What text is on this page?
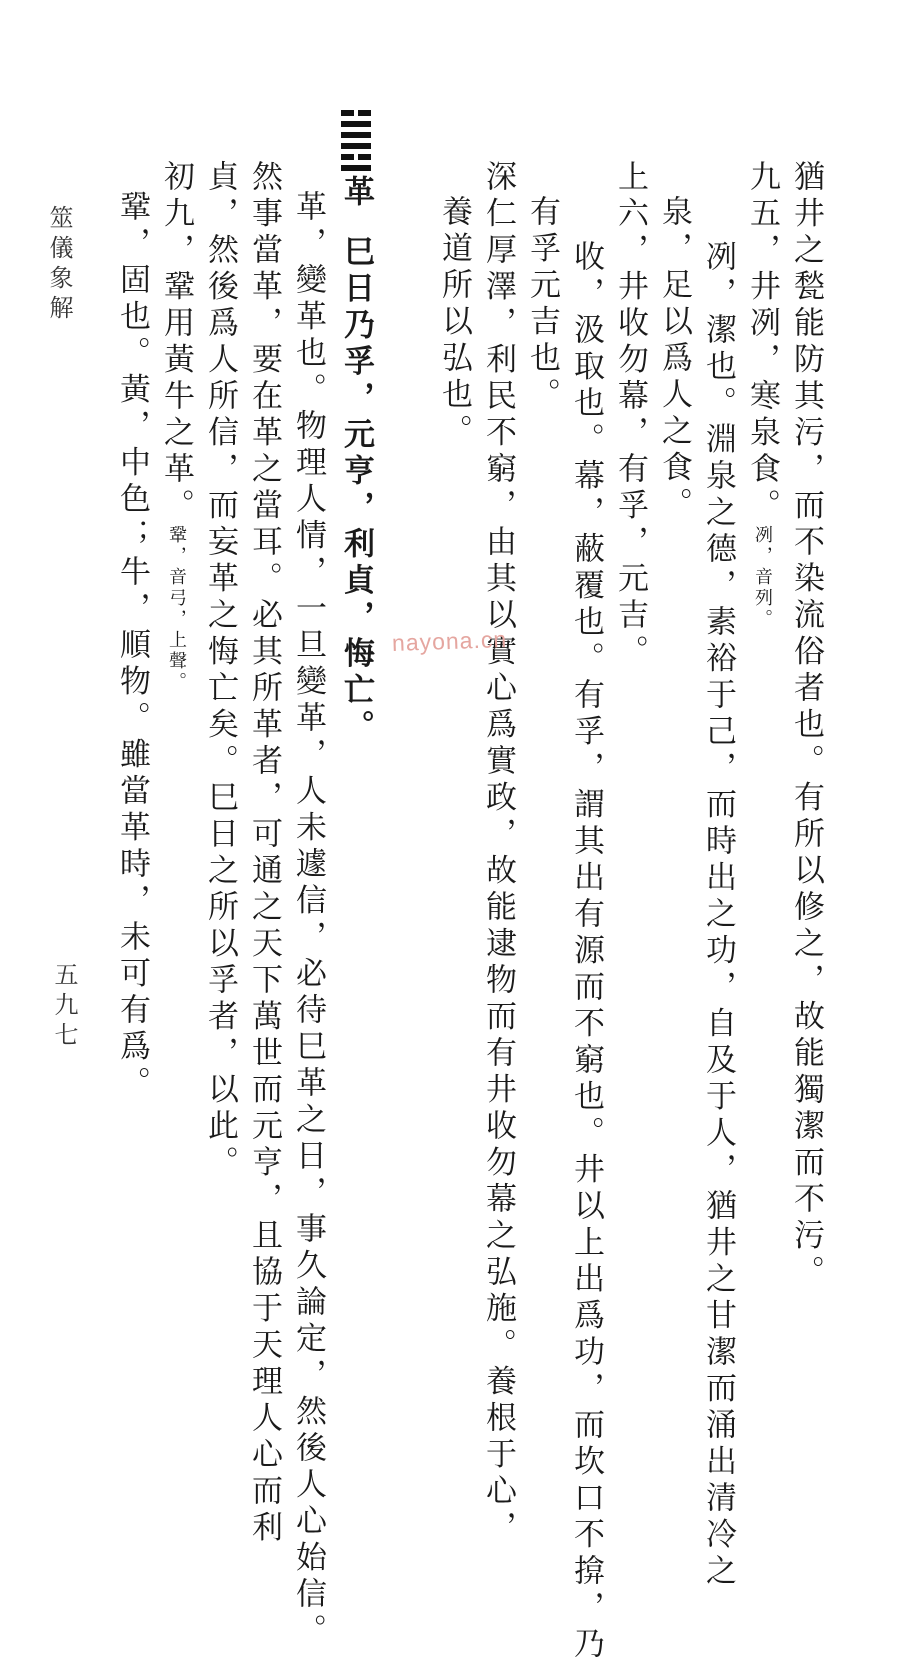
猶井之甃能防其污，而不染流俗者也。有所以修之，故能獨潔而不污。
九五，井冽，寒泉食。冽，音列。
冽，潔也。淵泉之德，素裕于己，而時出之功，自及于人，猶井之甘潔而涌出清冷之
泉，足以爲人之食。
上六，井收勿幕，有孚，元吉。
收，汲取也。幕，蔽覆也。有孚，謂其出有源而不窮也。井以上出爲功，而坎口不揜，乃
有孚元吉也。
深仁厚澤，利民不窮，由其以實心爲實政，故能逮物而有井收勿幕之弘施。養根于心，
養道所以弘也。
革
巳日乃孚，元亨，利貞，悔亡。
革，變革也。物理人情，一旦變革，人未遽信，必待巳革之日，事久論定，然後人心始信。
然事當革，要在革之當耳。必其所革者，可通之天下萬世而元亨，且協于天理人心而利
貞，然後爲人所信，而妄革之悔亡矣。巳日之所以孚者，以此。
初九，鞏用黃牛之革。鞏，音弓，上聲。
鞏，固也。黃，中色；牛，順物。雖當革時，未可有爲。
筮儀象解
五九七
nayona.cn
